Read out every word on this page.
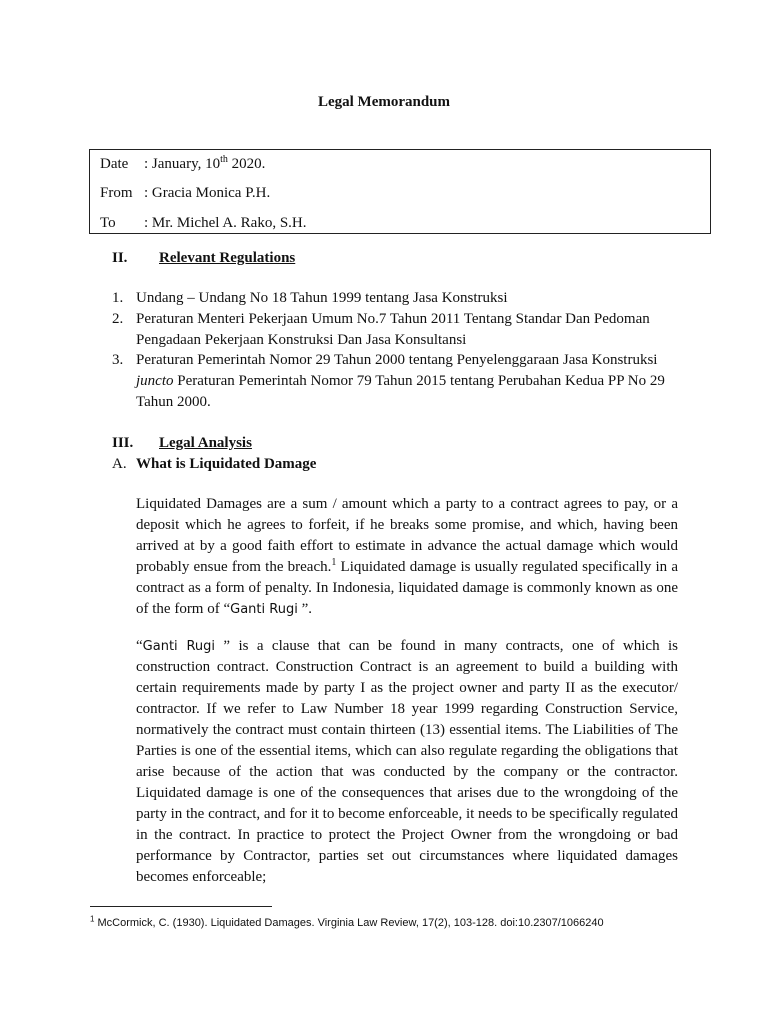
Legal Memorandum
Date : January, 10th 2020.
From : Gracia Monica P.H.
To : Mr. Michel A. Rako, S.H.
II. Relevant Regulations
1. Undang – Undang No 18 Tahun 1999 tentang Jasa Konstruksi
2. Peraturan Menteri Pekerjaan Umum No.7 Tahun 2011 Tentang Standar Dan Pedoman Pengadaan Pekerjaan Konstruksi Dan Jasa Konsultansi
3. Peraturan Pemerintah Nomor 29 Tahun 2000 tentang Penyelenggaraan Jasa Konstruksi juncto Peraturan Pemerintah Nomor 79 Tahun 2015 tentang Perubahan Kedua PP No 29 Tahun 2000.
III. Legal Analysis
A. What is Liquidated Damage
Liquidated Damages are a sum / amount which a party to a contract agrees to pay, or a deposit which he agrees to forfeit, if he breaks some promise, and which, having been arrived at by a good faith effort to estimate in advance the actual damage which would probably ensue from the breach.$^1$ Liquidated damage is usually regulated specifically in a contract as a form of penalty. In Indonesia, liquidated damage is commonly known as one of the form of “Ganti Rugi ”.
“Ganti Rugi ” is a clause that can be found in many contracts, one of which is construction contract. Construction Contract is an agreement to build a building with certain requirements made by party I as the project owner and party II as the executor/ contractor. If we refer to Law Number 18 year 1999 regarding Construction Service, normatively the contract must contain thirteen (13) essential items. The Liabilities of The Parties is one of the essential items, which can also regulate regarding the obligations that arise because of the action that was conducted by the company or the contractor. Liquidated damage is one of the consequences that arises due to the wrongdoing of the party in the contract, and for it to become enforceable, it needs to be specifically regulated in the contract. In practice to protect the Project Owner from the wrongdoing or bad performance by Contractor, parties set out circumstances where liquidated damages becomes enforceable;
$^1$ McCormick, C. (1930). Liquidated Damages. Virginia Law Review, 17(2), 103-128. doi:10.2307/1066240
